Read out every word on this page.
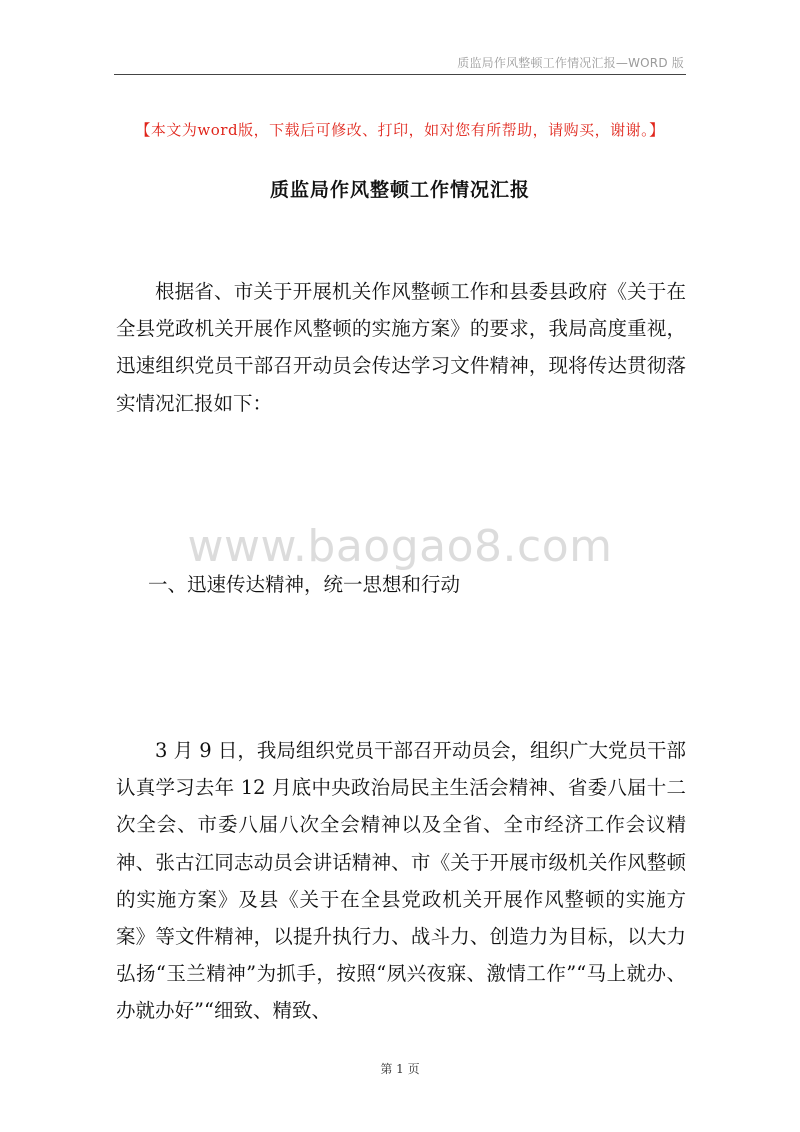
质监局作风整顿工作情况汇报—WORD 版
【本文为word版，下载后可修改、打印，如对您有所帮助，请购买，谢谢。】
质监局作风整顿工作情况汇报

根据省、市关于开展机关作风整顿工作和县委县政府《关于在全县党政机关开展作风整顿的实施方案》的要求，我局高度重视，迅速组织党员干部召开动员会传达学习文件精神，现将传达贯彻落实情况汇报如下：

www.baogao8.com
一、迅速传达精神，统一思想和行动

3 月 9 日，我局组织党员干部召开动员会，组织广大党员干部认真学习去年 12 月底中央政治局民主生活会精神、省委八届十二次全会、市委八届八次全会精神以及全省、全市经济工作会议精神、张古江同志动员会讲话精神、市《关于开展市级机关作风整顿的实施方案》及县《关于在全县党政机关开展作风整顿的实施方案》等文件精神，以提升执行力、战斗力、创造力为目标，以大力弘扬“玉兰精神”为抓手，按照“夙兴夜寐、激情工作”“马上就办、办就办好”“细致、精致、

第 1 页
